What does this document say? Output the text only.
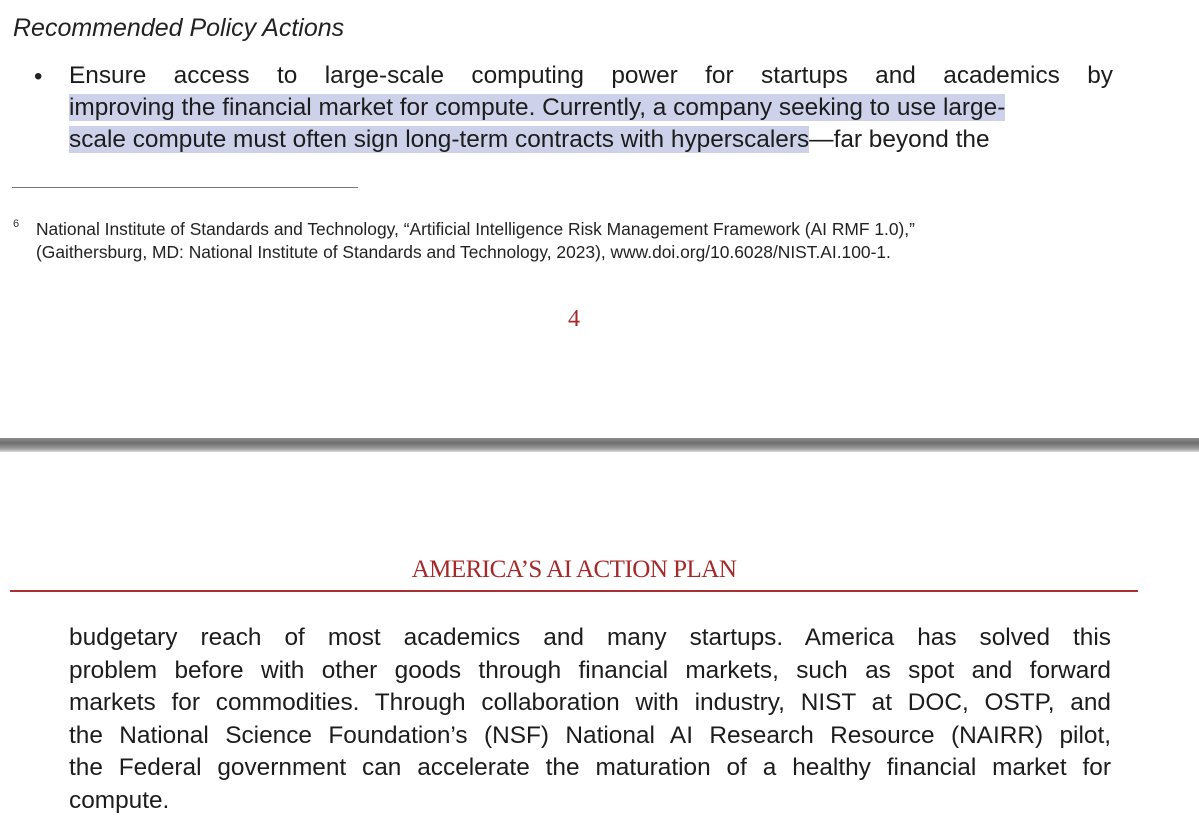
Recommended Policy Actions
•	Ensure access to large-scale computing power for startups and academics by
improving the financial market for compute. Currently, a company seeking to use large-
scale compute must often sign long-term contracts with hyperscalers—far beyond the
6 National Institute of Standards and Technology, “Artificial Intelligence Risk Management Framework (AI RMF 1.0),”
(Gaithersburg, MD: National Institute of Standards and Technology, 2023), www.doi.org/10.6028/NIST.AI.100-1.
4
AMERICA’S AI ACTION PLAN
budgetary reach of most academics and many startups. America has solved this
problem before with other goods through financial markets, such as spot and forward
markets for commodities. Through collaboration with industry, NIST at DOC, OSTP, and
the National Science Foundation’s (NSF) National AI Research Resource (NAIRR) pilot,
the Federal government can accelerate the maturation of a healthy financial market for
compute.
